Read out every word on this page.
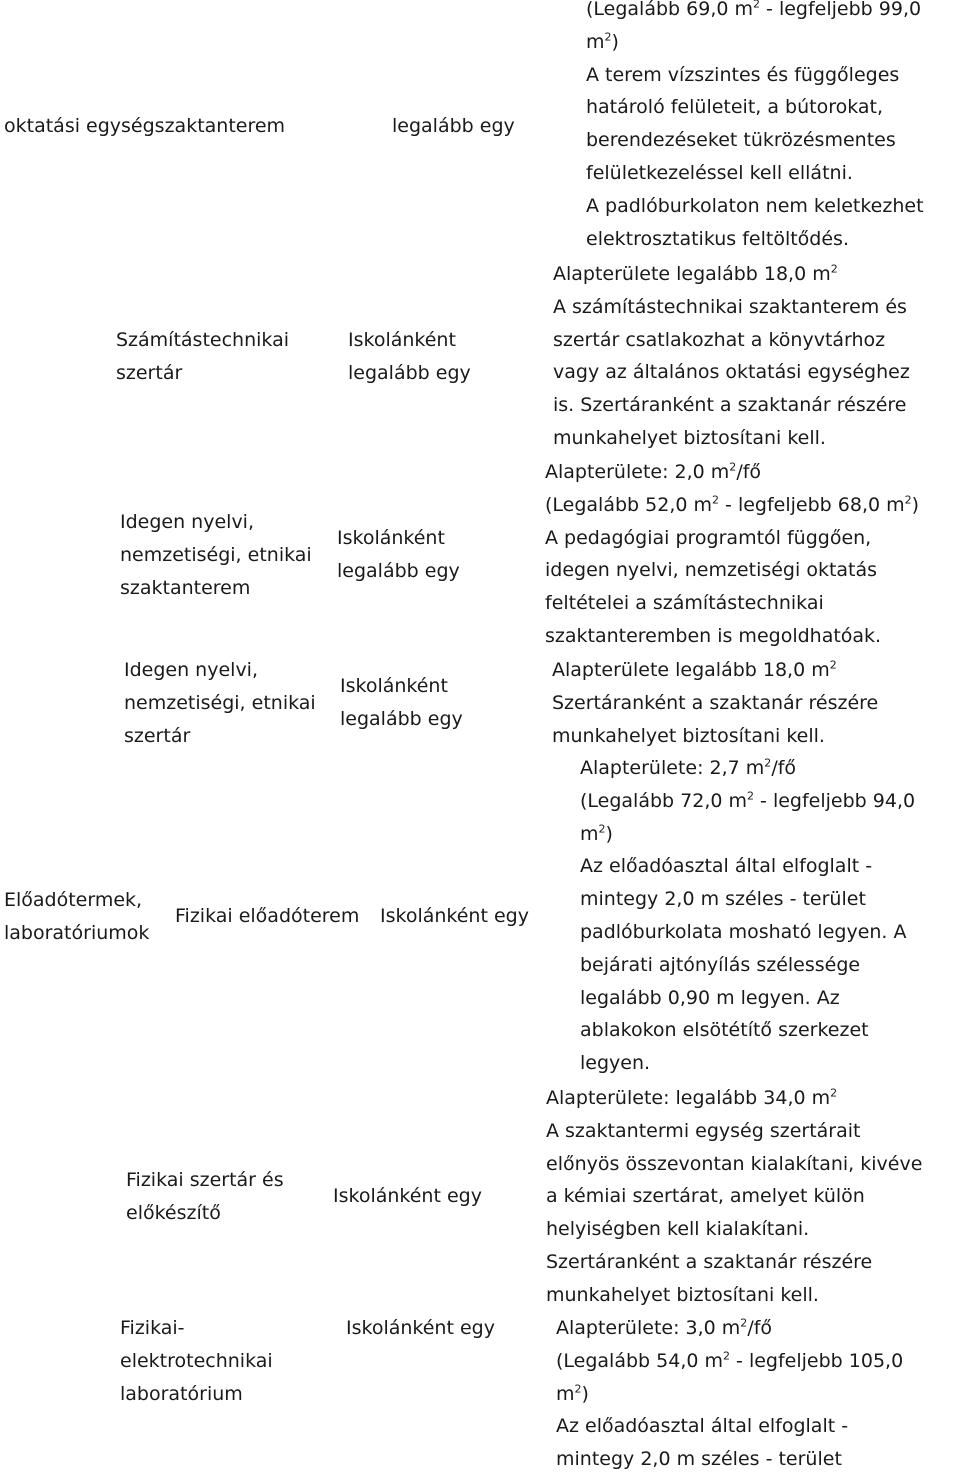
oktatási egységszaktanterem	legalább egy
(Legalább 69,0 $m^2$ - legfeljebb 99,0
$m^2$)
A terem vízszintes és függőleges
határoló felületeit, a bútorokat,
berendezéseket tükrözésmentes
felületkezeléssel kell ellátni.
A padlóburkolaton nem keletkezhet
elektrosztatikus feltöltődés.
Számítástechnikai
szertár
Iskolánként
legalább egy
Alapterülete legalább 18,0 $m^2$
A számítástechnikai szaktanterem és
szertár csatlakozhat a könyvtárhoz
vagy az általános oktatási egységhez
is. Szertáranként a szaktanár részére
munkahelyet biztosítani kell.
Idegen nyelvi,
nemzetiségi, etnikai
szaktanterem
Iskolánként
legalább egy
Alapterülete: 2,0 $m^2/fő$
(Legalább 52,0 $m^2$ - legfeljebb 68,0 $m^2$)
A pedagógiai programtól függően,
idegen nyelvi, nemzetiségi oktatás
feltételei a számítástechnikai
szaktanteremben is megoldhatóak.
Idegen nyelvi,
nemzetiségi, etnikai
szertár
Iskolánként
legalább egy
Alapterülete legalább 18,0 $m^2$
Szertáranként a szaktanár részére
munkahelyet biztosítani kell.
Előadótermek,
laboratóriumok
Fizikai előadóterem Iskolánként egy
Alapterülete: 2,7 $m^2/fő$
(Legalább 72,0 $m^2$ - legfeljebb 94,0
$m^2$)
Az előadóasztal által elfoglalt -
mintegy 2,0 m széles - terület
padlóburkolata mosható legyen. A
bejárati ajtónyílás szélessége
legalább 0,90 m legyen. Az
ablakokon elsötétítő szerkezet
legyen.
Fizikai szertár és
előkészítő
Iskolánként egy
Alapterülete: legalább 34,0 $m^2$
A szaktantermi egység szertárait
előnyös összevontan kialakítani, kivéve
a kémiai szertárat, amelyet külön
helyiségben kell kialakítani.
Szertáranként a szaktanár részére
munkahelyet biztosítani kell.
Fizikai-
elektrotechnikai
laboratórium
Iskolánként egy	Alapterülete: 3,0 $m^2/fő$
(Legalább 54,0 $m^2$ - legfeljebb 105,0
$m^2$)
Az előadóasztal által elfoglalt -
mintegy 2,0 m széles - terület
